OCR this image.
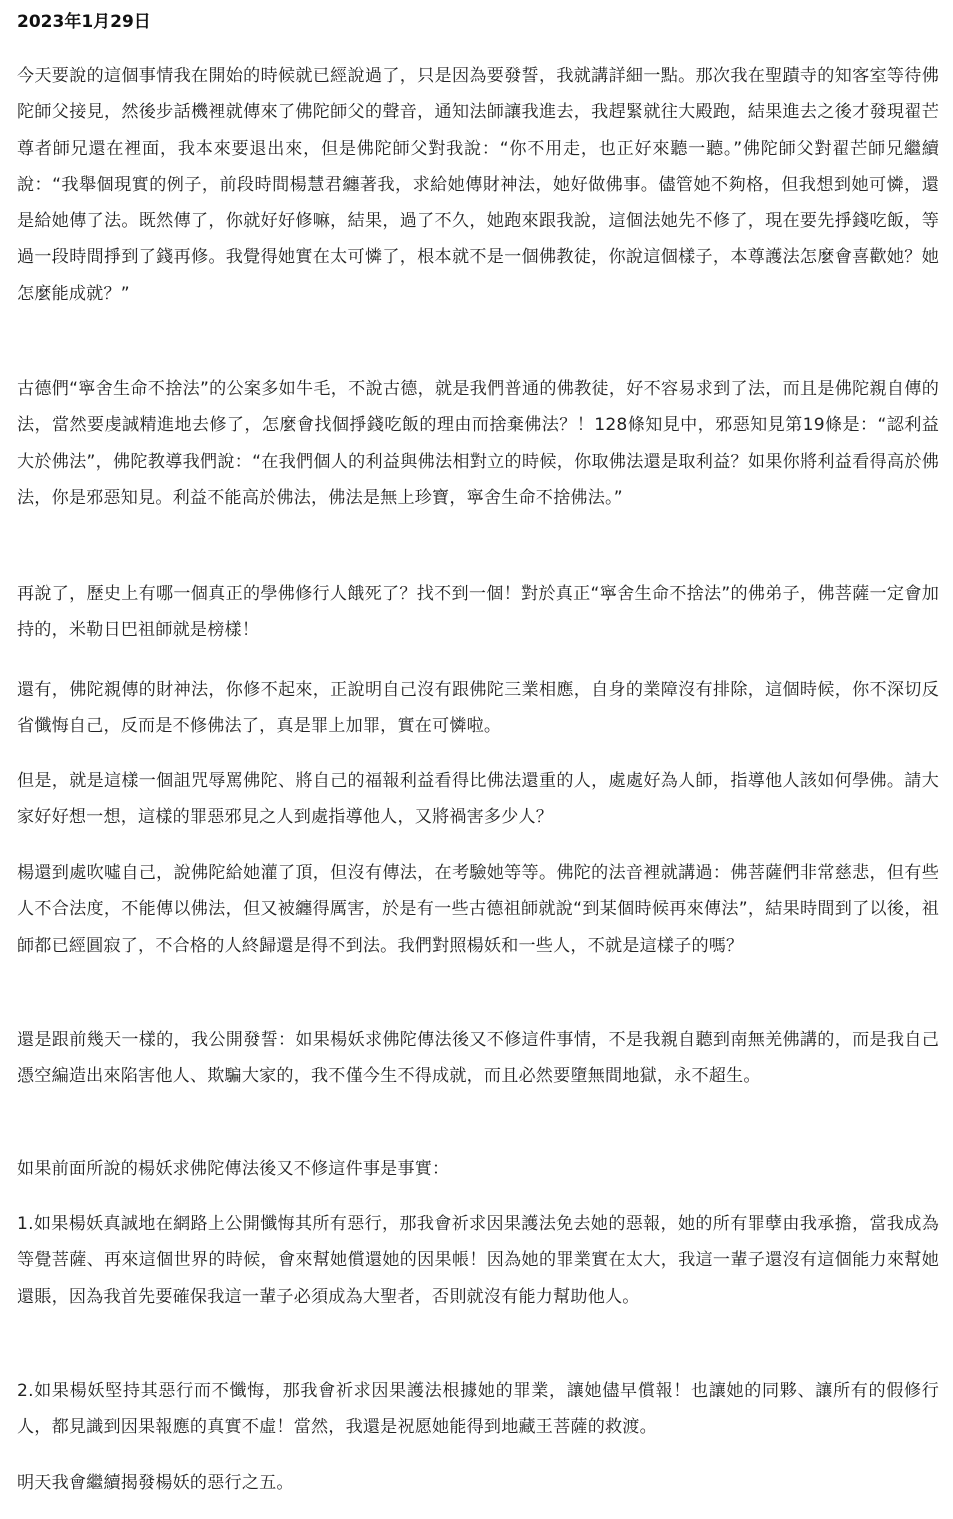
2023年1月29日

今天要說的這個事情我在開始的時候就已經說過了，只是因為要發誓，我就講詳細一點。那次我在聖蹟寺的知客室等待佛陀師父接見，然後步話機裡就傳來了佛陀師父的聲音，通知法師讓我進去，我趕緊就往大殿跑，結果進去之後才發現翟芒尊者師兄還在裡面，我本來要退出來，但是佛陀師父對我說：“你不用走，也正好來聽一聽。”佛陀師父對翟芒師兄繼續說：“我舉個現實的例子，前段時間楊慧君纏著我，求給她傳財神法，她好做佛事。儘管她不夠格，但我想到她可憐，還是給她傳了法。既然傳了，你就好好修嘛，結果，過了不久，她跑來跟我說，這個法她先不修了，現在要先掙錢吃飯，等過一段時間掙到了錢再修。我覺得她實在太可憐了，根本就不是一個佛教徒，你說這個樣子，本尊護法怎麼會喜歡她？她怎麼能成就？”

古德們“寧舍生命不捨法”的公案多如牛毛，不說古德，就是我們普通的佛教徒，好不容易求到了法，而且是佛陀親自傳的法，當然要虔誠精進地去修了，怎麼會找個掙錢吃飯的理由而捨棄佛法？！128條知見中，邪惡知見第19條是：“認利益大於佛法”，佛陀教導我們說：“在我們個人的利益與佛法相對立的時候，你取佛法還是取利益？如果你將利益看得高於佛法，你是邪惡知見。利益不能高於佛法，佛法是無上珍寶，寧舍生命不捨佛法。”

再說了，歷史上有哪一個真正的學佛修行人餓死了？找不到一個！對於真正“寧舍生命不捨法”的佛弟子，佛菩薩一定會加持的，米勒日巴祖師就是榜樣！

還有，佛陀親傳的財神法，你修不起來，正說明自己沒有跟佛陀三業相應，自身的業障沒有排除，這個時候，你不深切反省懺悔自己，反而是不修佛法了，真是罪上加罪，實在可憐啦。

但是，就是這樣一個詛咒辱罵佛陀、將自己的福報利益看得比佛法還重的人，處處好為人師，指導他人該如何學佛。請大家好好想一想，這樣的罪惡邪見之人到處指導他人，又將禍害多少人？

楊還到處吹噓自己，說佛陀給她灌了頂，但沒有傳法，在考驗她等等。佛陀的法音裡就講過：佛菩薩們非常慈悲，但有些人不合法度，不能傳以佛法，但又被纏得厲害，於是有一些古德祖師就說“到某個時候再來傳法”，結果時間到了以後，祖師都已經圓寂了，不合格的人終歸還是得不到法。我們對照楊妖和一些人，不就是這樣子的嗎？

還是跟前幾天一樣的，我公開發誓：如果楊妖求佛陀傳法後又不修這件事情，不是我親自聽到南無羌佛講的，而是我自己憑空編造出來陷害他人、欺騙大家的，我不僅今生不得成就，而且必然要墮無間地獄，永不超生。

如果前面所說的楊妖求佛陀傳法後又不修這件事是事實：

1.如果楊妖真誠地在網路上公開懺悔其所有惡行，那我會祈求因果護法免去她的惡報，她的所有罪孽由我承擔，當我成為等覺菩薩、再來這個世界的時候，會來幫她償還她的因果帳！因為她的罪業實在太大，我這一輩子還沒有這個能力來幫她還賬，因為我首先要確保我這一輩子必須成為大聖者，否則就沒有能力幫助他人。

2.如果楊妖堅持其惡行而不懺悔，那我會祈求因果護法根據她的罪業，讓她儘早償報！也讓她的同夥、讓所有的假修行人，都見識到因果報應的真實不虛！當然，我還是祝愿她能得到地藏王菩薩的救渡。

明天我會繼續揭發楊妖的惡行之五。
